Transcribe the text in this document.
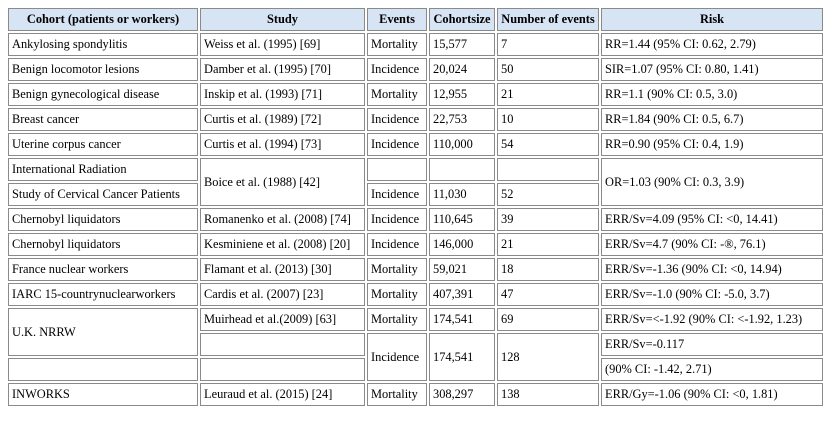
Cohort (patients or workers)	Study	Events	Cohortsize	Number of events	Risk
Ankylosing spondylitis	Weiss et al. (1995) [69]	Mortality	15,577	7	RR=1.44 (95% CI: 0.62, 2.79)
Benign locomotor lesions	Damber et al. (1995) [70]	Incidence	20,024	50	SIR=1.07 (95% CI: 0.80, 1.41)
Benign gynecological disease	Inskip et al. (1993) [71]	Mortality	12,955	21	RR=1.1 (90% CI: 0.5, 3.0)
Breast cancer	Curtis et al. (1989) [72]	Incidence	22,753	10	RR=1.84 (90% CI: 0.5, 6.7)
Uterine corpus cancer	Curtis et al. (1994) [73]	Incidence	110,000	54	RR=0.90 (95% CI: 0.4, 1.9)
International Radiation	Boice et al. (1988) [42]				OR=1.03 (90% CI: 0.3, 3.9)
Study of Cervical Cancer Patients		Incidence	11,030	52	
Chernobyl liquidators	Romanenko et al. (2008) [74]	Incidence	110,645	39	ERR/Sv=4.09 (95% CI: <0, 14.41)
Chernobyl liquidators	Kesminiene et al. (2008) [20]	Incidence	146,000	21	ERR/Sv=4.7 (90% CI: -®, 76.1)
France nuclear workers	Flamant et al. (2013) [30]	Mortality	59,021	18	ERR/Sv=-1.36 (90% CI: <0, 14.94)
IARC 15-countrynuclearworkers	Cardis et al. (2007) [23]	Mortality	407,391	47	ERR/Sv=-1.0 (90% CI: -5.0, 3.7)
U.K. NRRW	Muirhead et al.(2009) [63]	Mortality	174,541	69	ERR/Sv=<-1.92 (90% CI: <-1.92, 1.23)
		Incidence	174,541	128	ERR/Sv=-0.117
					(90% CI: -1.42, 2.71)
INWORKS	Leuraud et al. (2015) [24]	Mortality	308,297	138	ERR/Gy=-1.06 (90% CI: <0, 1.81)
